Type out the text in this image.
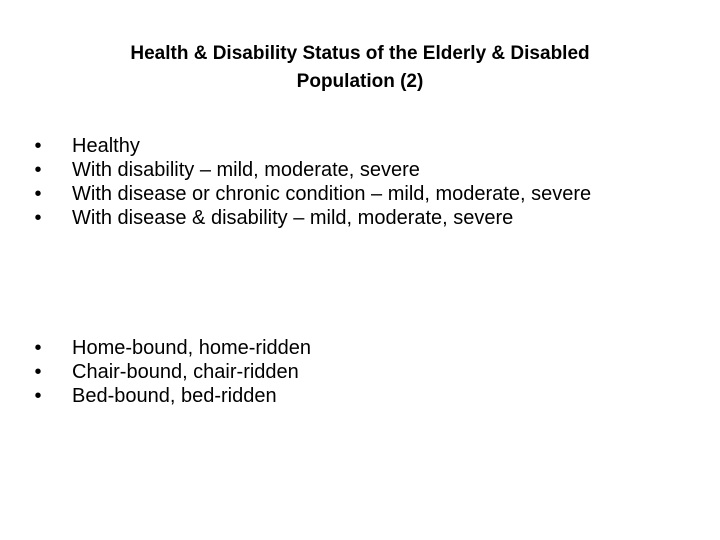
Health & Disability Status of the Elderly & Disabled
Population (2)
•	Healthy
•	With disability – mild, moderate, severe
•	With disease or chronic condition – mild, moderate, severe
•	With disease & disability – mild, moderate, severe
•	Home-bound, home-ridden
•	Chair-bound, chair-ridden
•	Bed-bound, bed-ridden
